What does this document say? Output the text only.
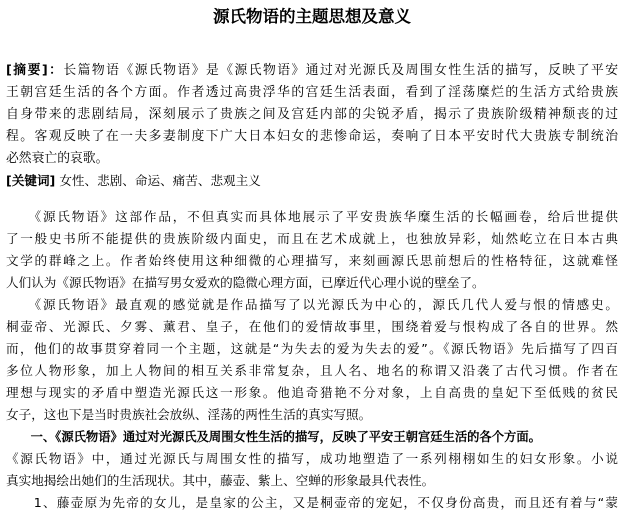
源氏物语的主题思想及意义
[摘要]：长篇物语《源氏物语》是《源氏物语》通过对光源氏及周围女性生活的描写，反映了平安
王朝宫廷生活的各个方面。作者透过高贵浮华的宫廷生活表面，看到了淫荡糜烂的生活方式给贵族
自身带来的悲剧结局，深刻展示了贵族之间及宫廷内部的尖锐矛盾，揭示了贵族阶级精神颓丧的过
程。客观反映了在一夫多妻制度下广大日本妇女的悲惨命运，奏响了日本平安时代大贵族专制统治
必然衰亡的哀歌。
[关键词] 女性、悲剧、命运、痛苦、悲观主义
　　《源氏物语》这部作品，不但真实而具体地展示了平安贵族华糜生活的长幅画卷，给后世提供
了一般史书所不能提供的贵族阶级内面史，而且在艺术成就上，也独放异彩，灿然屹立在日本古典
文学的群峰之上。作者始终使用这种细微的心理描写，来刻画源氏思前想后的性格特征，这就难怪
人们认为《源氏物语》在描写男女爱欢的隐微心理方面，已摩近代心理小说的壁垒了。
　　《源氏物语》最直观的感觉就是作品描写了以光源氏为中心的，源氏几代人爱与恨的情感史。
桐壶帝、光源氏、夕雾、薰君、皇子，在他们的爱情故事里，围绕着爱与恨构成了各自的世界。然
而，他们的故事贯穿着同一个主题，这就是“为失去的爱为失去的爱”。《源氏物语》先后描写了四百
多位人物形象，加上人物间的相互关系非常复杂，且人名、地名的称谓又沿袭了古代习惯。作者在
理想与现实的矛盾中塑造光源氏这一形象。他追奇猎艳不分对象，上自高贵的皇妃下至低贱的贫民
女子，这也下是当时贵族社会放纵、淫荡的两性生活的真实写照。
　　一、《源氏物语》通过对光源氏及周围女性生活的描写，反映了平安王朝宫廷生活的各个方面。
《源氏物语》中，通过光源氏与周围女性的描写，成功地塑造了一系列栩栩如生的妇女形象。小说
真实地揭绘出她们的生活现状。其中，藤壶、紫上、空蝉的形象最具代表性。
　　1、藤壶原为先帝的女儿，是皇家的公主，又是桐壶帝的宠妃，不仅身份高贵，而且还有着与“蒙
